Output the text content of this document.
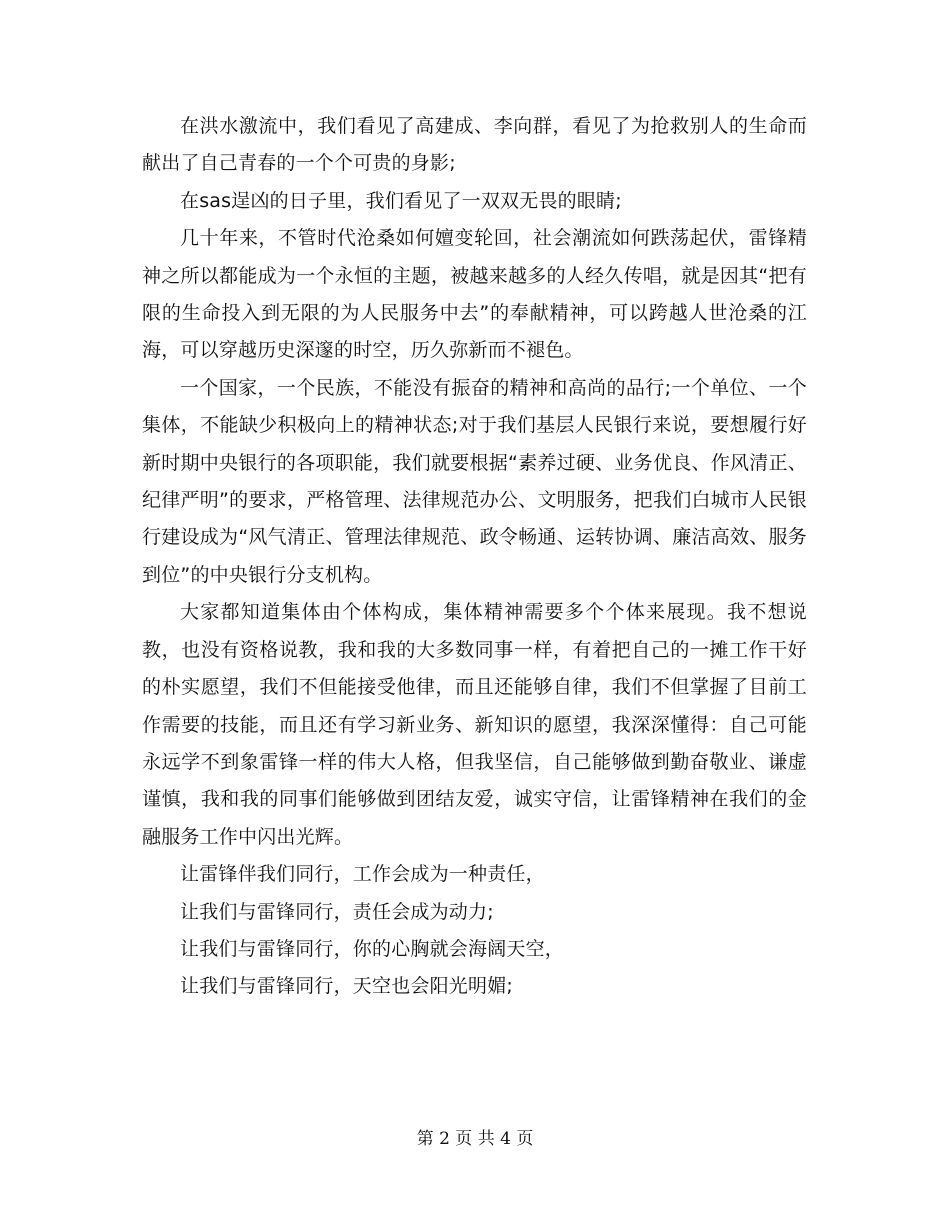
在洪水激流中，我们看见了高建成、李向群，看见了为抢救别人的生命而献出了自己青春的一个个可贵的身影;

在sas逞凶的日子里，我们看见了一双双无畏的眼睛;

几十年来，不管时代沧桑如何嬗变轮回，社会潮流如何跌荡起伏，雷锋精神之所以都能成为一个永恒的主题，被越来越多的人经久传唱，就是因其“把有限的生命投入到无限的为人民服务中去”的奉献精神，可以跨越人世沧桑的江海，可以穿越历史深邃的时空，历久弥新而不褪色。

一个国家，一个民族，不能没有振奋的精神和高尚的品行;一个单位、一个集体，不能缺少积极向上的精神状态;对于我们基层人民银行来说，要想履行好新时期中央银行的各项职能，我们就要根据“素养过硬、业务优良、作风清正、纪律严明”的要求，严格管理、法律规范办公、文明服务，把我们白城市人民银行建设成为“风气清正、管理法律规范、政令畅通、运转协调、廉洁高效、服务到位”的中央银行分支机构。

大家都知道集体由个体构成，集体精神需要多个个体来展现。我不想说教，也没有资格说教，我和我的大多数同事一样，有着把自己的一摊工作干好的朴实愿望，我们不但能接受他律，而且还能够自律，我们不但掌握了目前工作需要的技能，而且还有学习新业务、新知识的愿望，我深深懂得：自己可能永远学不到象雷锋一样的伟大人格，但我坚信，自己能够做到勤奋敬业、谦虚谨慎，我和我的同事们能够做到团结友爱，诚实守信，让雷锋精神在我们的金融服务工作中闪出光辉。

让雷锋伴我们同行，工作会成为一种责任，

让我们与雷锋同行，责任会成为动力;

让我们与雷锋同行，你的心胸就会海阔天空，

让我们与雷锋同行，天空也会阳光明媚;

第 2 页 共 4 页
